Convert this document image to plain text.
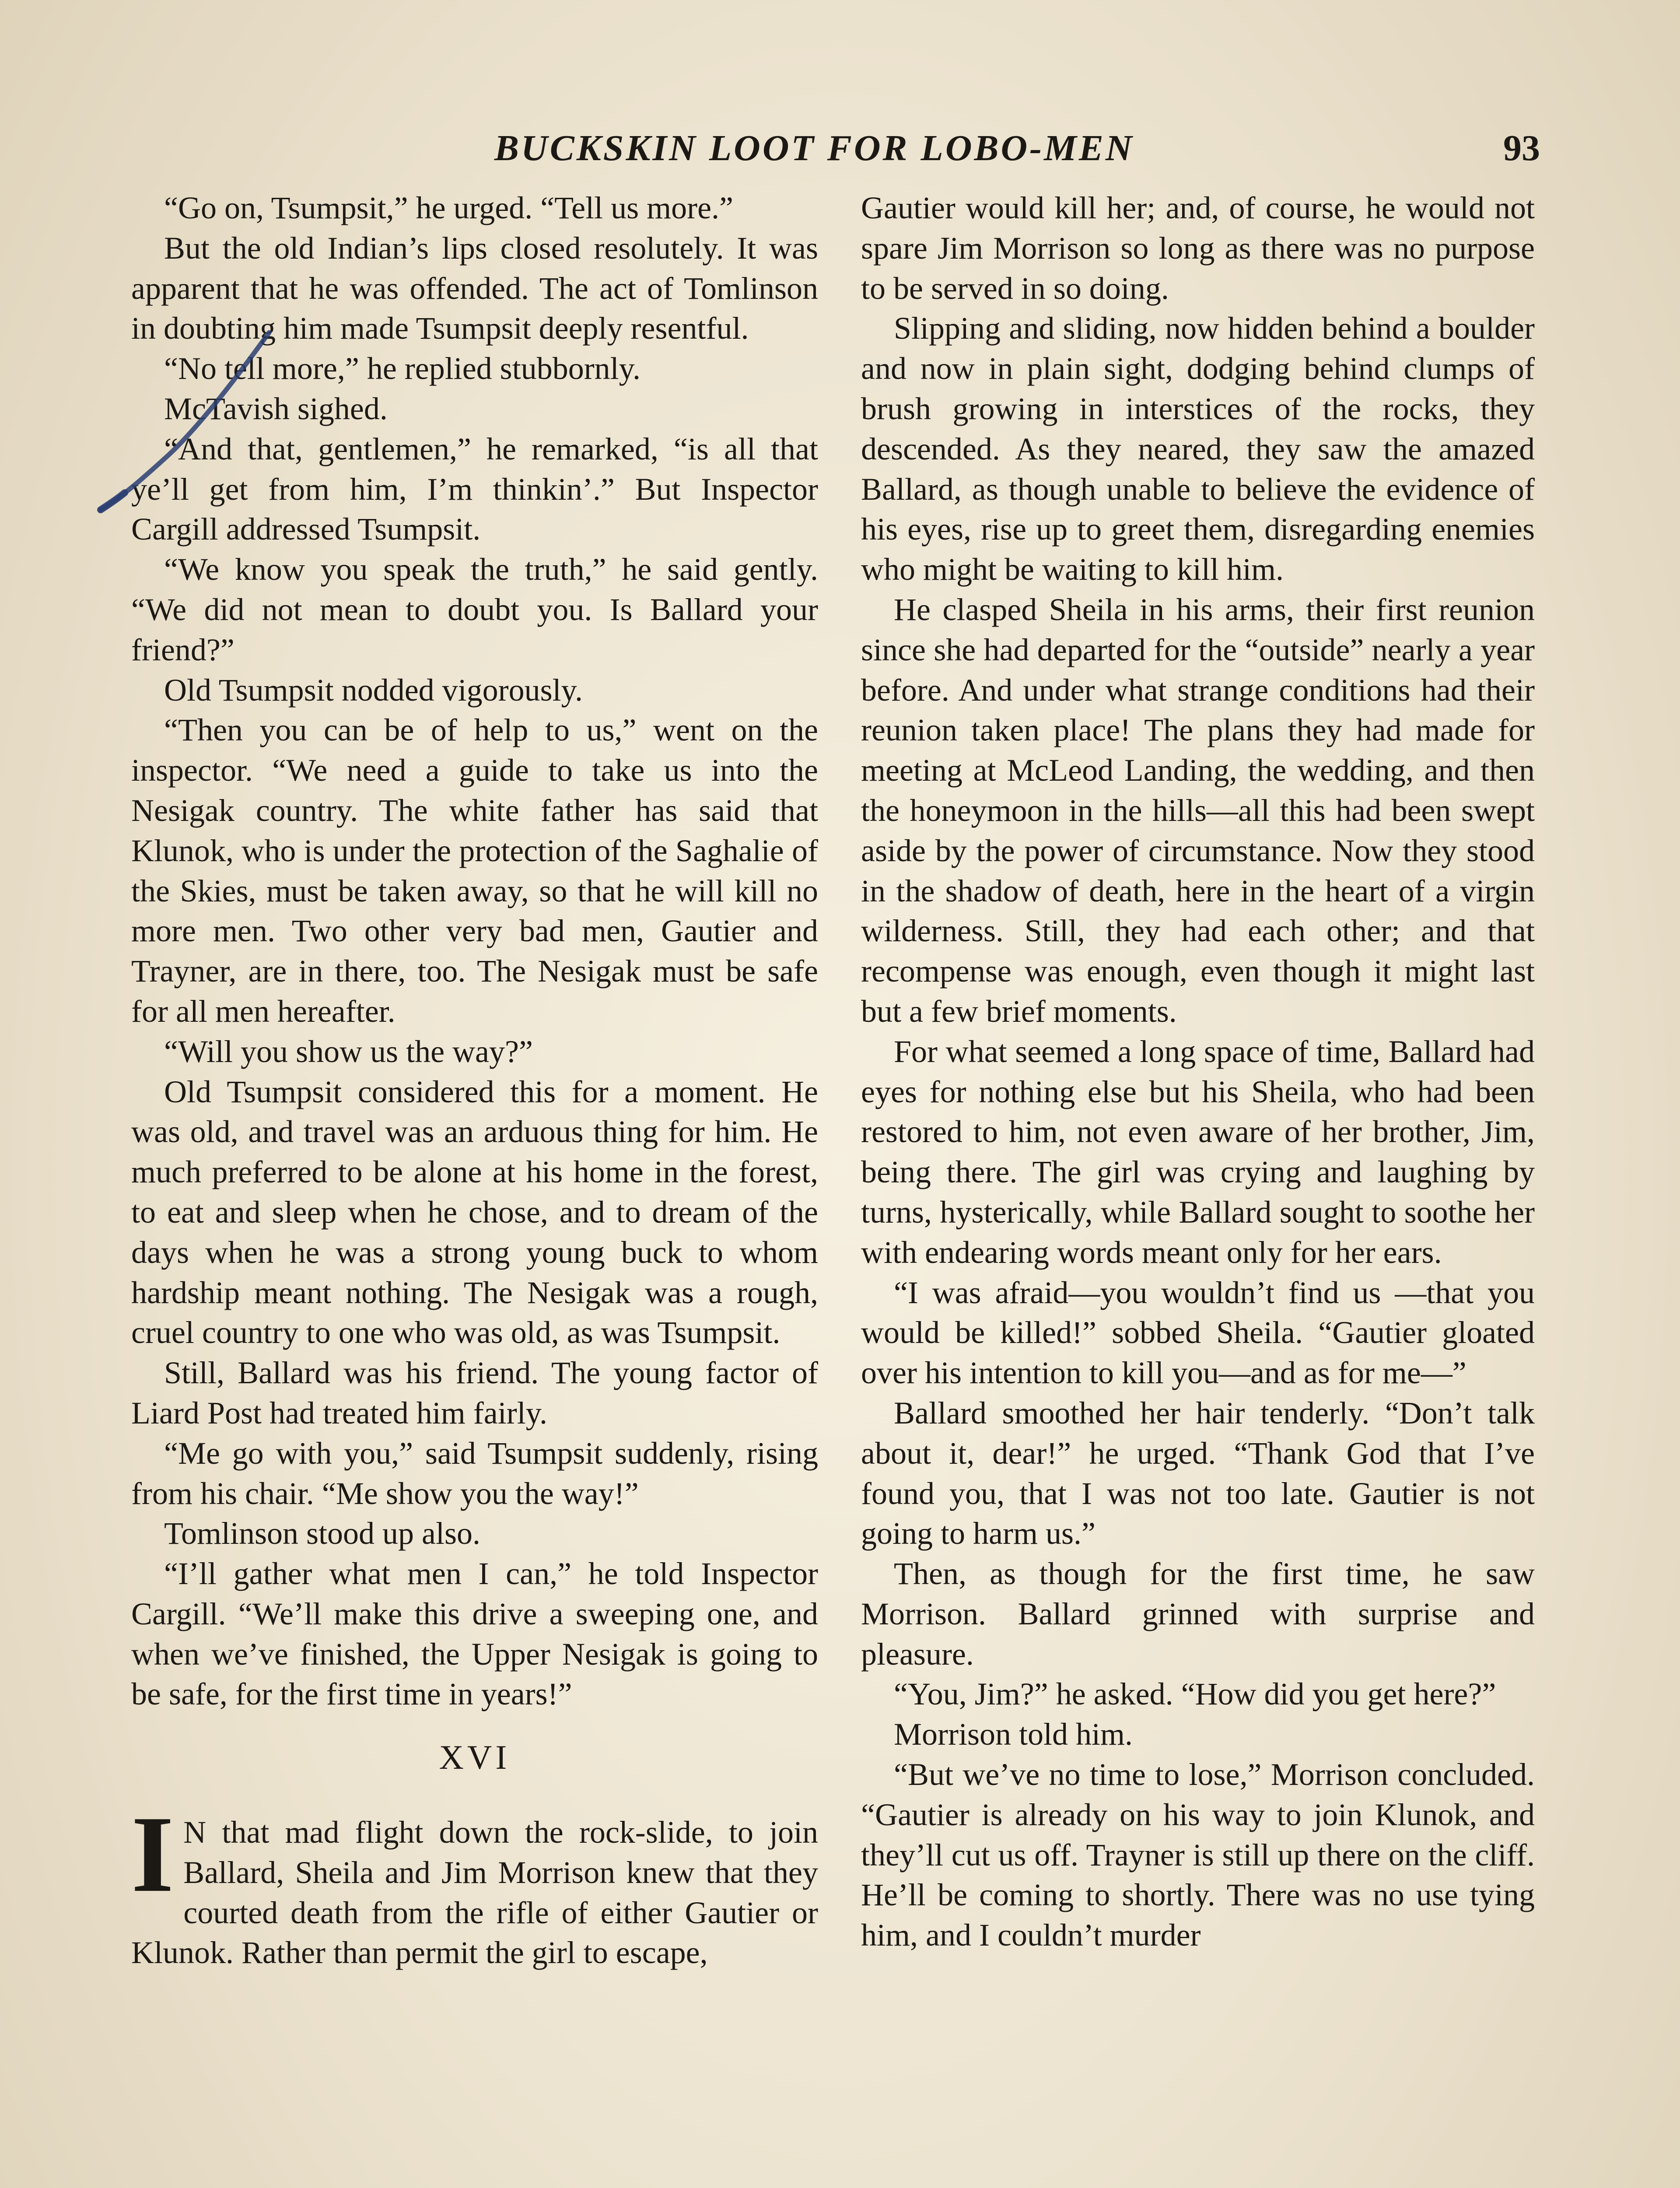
BUCKSKIN LOOT FOR LOBO-MEN	93

“Go on, Tsumpsit,” he urged. “Tell us more.”

But the old Indian’s lips closed resolutely. It was apparent that he was offended. The act of Tomlinson in doubting him made Tsumpsit deeply resentful.

“No tell more,” he replied stubbornly.

McTavish sighed.

“And that, gentlemen,” he remarked, “is all that ye’ll get from him, I’m thinkin’.” But Inspector Cargill addressed Tsumpsit.

“We know you speak the truth,” he said gently. “We did not mean to doubt you. Is Ballard your friend?”

Old Tsumpsit nodded vigorously.

“Then you can be of help to us,” went on the inspector. “We need a guide to take us into the Nesigak country. The white father has said that Klunok, who is under the protection of the Saghalie of the Skies, must be taken away, so that he will kill no more men. Two other very bad men, Gautier and Trayner, are in there, too. The Nesigak must be safe for all men hereafter.

“Will you show us the way?”

Old Tsumpsit considered this for a moment. He was old, and travel was an arduous thing for him. He much preferred to be alone at his home in the forest, to eat and sleep when he chose, and to dream of the days when he was a strong young buck to whom hardship meant nothing. The Nesigak was a rough, cruel country to one who was old, as was Tsumpsit.

Still, Ballard was his friend. The young factor of Liard Post had treated him fairly.

“Me go with you,” said Tsumpsit suddenly, rising from his chair. “Me show you the way!”

Tomlinson stood up also.

“I’ll gather what men I can,” he told Inspector Cargill. “We’ll make this drive a sweeping one, and when we’ve finished, the Upper Nesigak is going to be safe, for the first time in years!”

XVI

I N that mad flight down the rock-slide, to join Ballard, Sheila and Jim Morrison knew that they courted death from the rifle of either Gautier or Klunok. Rather than permit the girl to escape,

Gautier would kill her; and, of course, he would not spare Jim Morrison so long as there was no purpose to be served in so doing.

Slipping and sliding, now hidden behind a boulder and now in plain sight, dodging behind clumps of brush growing in interstices of the rocks, they descended. As they neared, they saw the amazed Ballard, as though unable to believe the evidence of his eyes, rise up to greet them, disregarding enemies who might be waiting to kill him.

He clasped Sheila in his arms, their first reunion since she had departed for the “outside” nearly a year before. And under what strange conditions had their reunion taken place! The plans they had made for meeting at McLeod Landing, the wedding, and then the honeymoon in the hills—all this had been swept aside by the power of circumstance. Now they stood in the shadow of death, here in the heart of a virgin wilderness. Still, they had each other; and that recompense was enough, even though it might last but a few brief moments.

For what seemed a long space of time, Ballard had eyes for nothing else but his Sheila, who had been restored to him, not even aware of her brother, Jim, being there. The girl was crying and laughing by turns, hysterically, while Ballard sought to soothe her with endearing words meant only for her ears.

“I was afraid—you wouldn’t find us —that you would be killed!” sobbed Sheila. “Gautier gloated over his intention to kill you—and as for me—”

Ballard smoothed her hair tenderly. “Don’t talk about it, dear!” he urged. “Thank God that I’ve found you, that I was not too late. Gautier is not going to harm us.”

Then, as though for the first time, he saw Morrison. Ballard grinned with surprise and pleasure.

“You, Jim?” he asked. “How did you get here?”

Morrison told him.

“But we’ve no time to lose,” Morrison concluded. “Gautier is already on his way to join Klunok, and they’ll cut us off. Trayner is still up there on the cliff. He’ll be coming to shortly. There was no use tying him, and I couldn’t murder
